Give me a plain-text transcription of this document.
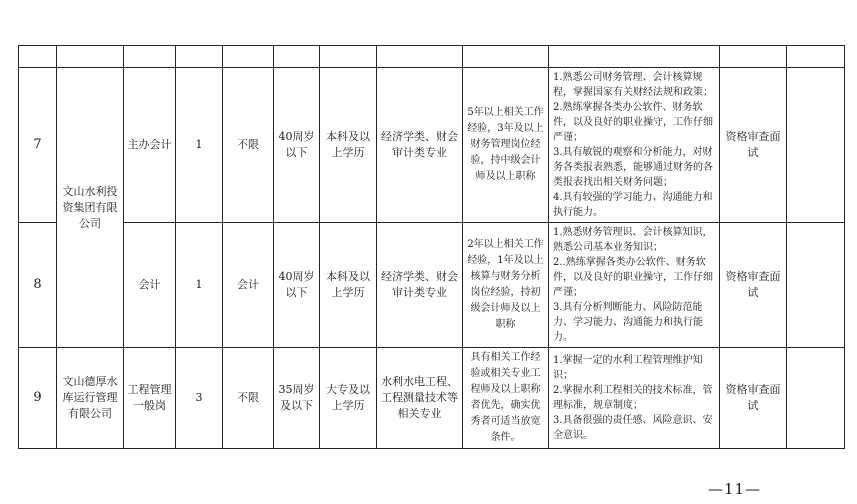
7	文山水利投资集团有限公司	主办会计	1	不限	40周岁以下	本科及以上学历	经济学类、财会审计类专业	5年以上相关工作经验，3年及以上财务管理岗位经验，持中级会计师及以上职称	1.熟悉公司财务管理、会计核算规程，掌握国家有关财经法规和政策；
2.熟练掌握各类办公软件、财务软件，以及良好的职业操守，工作仔细严谨；
3.具有敏锐的观察和分析能力，对财务各类报表熟悉，能够通过财务的各类报表找出相关财务问题；
4.具有较强的学习能力、沟通能力和执行能力。	资格审查面试	
8		会计	1	会计	40周岁以下	本科及以上学历	经济学类、财会审计类专业	2年以上相关工作经验，1年及以上核算与财务分析岗位经验，持初级会计师及以上职称	1.熟悉财务管理识、会计核算知识，熟悉公司基本业务知识；
2..熟练掌握各类办公软件、财务软件，以及良好的职业操守，工作仔细严谨；
3.具有分析判断能力、风险防范能力、学习能力、沟通能力和执行能力。	资格审查面试	
9	文山德厚水库运行管理有限公司	工程管理一般岗	3	不限	35周岁及以下	大专及以上学历	水利水电工程、工程测量技术等相关专业	具有相关工作经验或相关专业工程师及以上职称者优先，确实优秀者可适当放宽条件。	1.掌握一定的水利工程管理维护知识；
2.掌握水利工程相关的技术标准，管理标准，规章制度；
3.具备很强的责任感、风险意识、安全意识。	资格审查面试	
—11—
